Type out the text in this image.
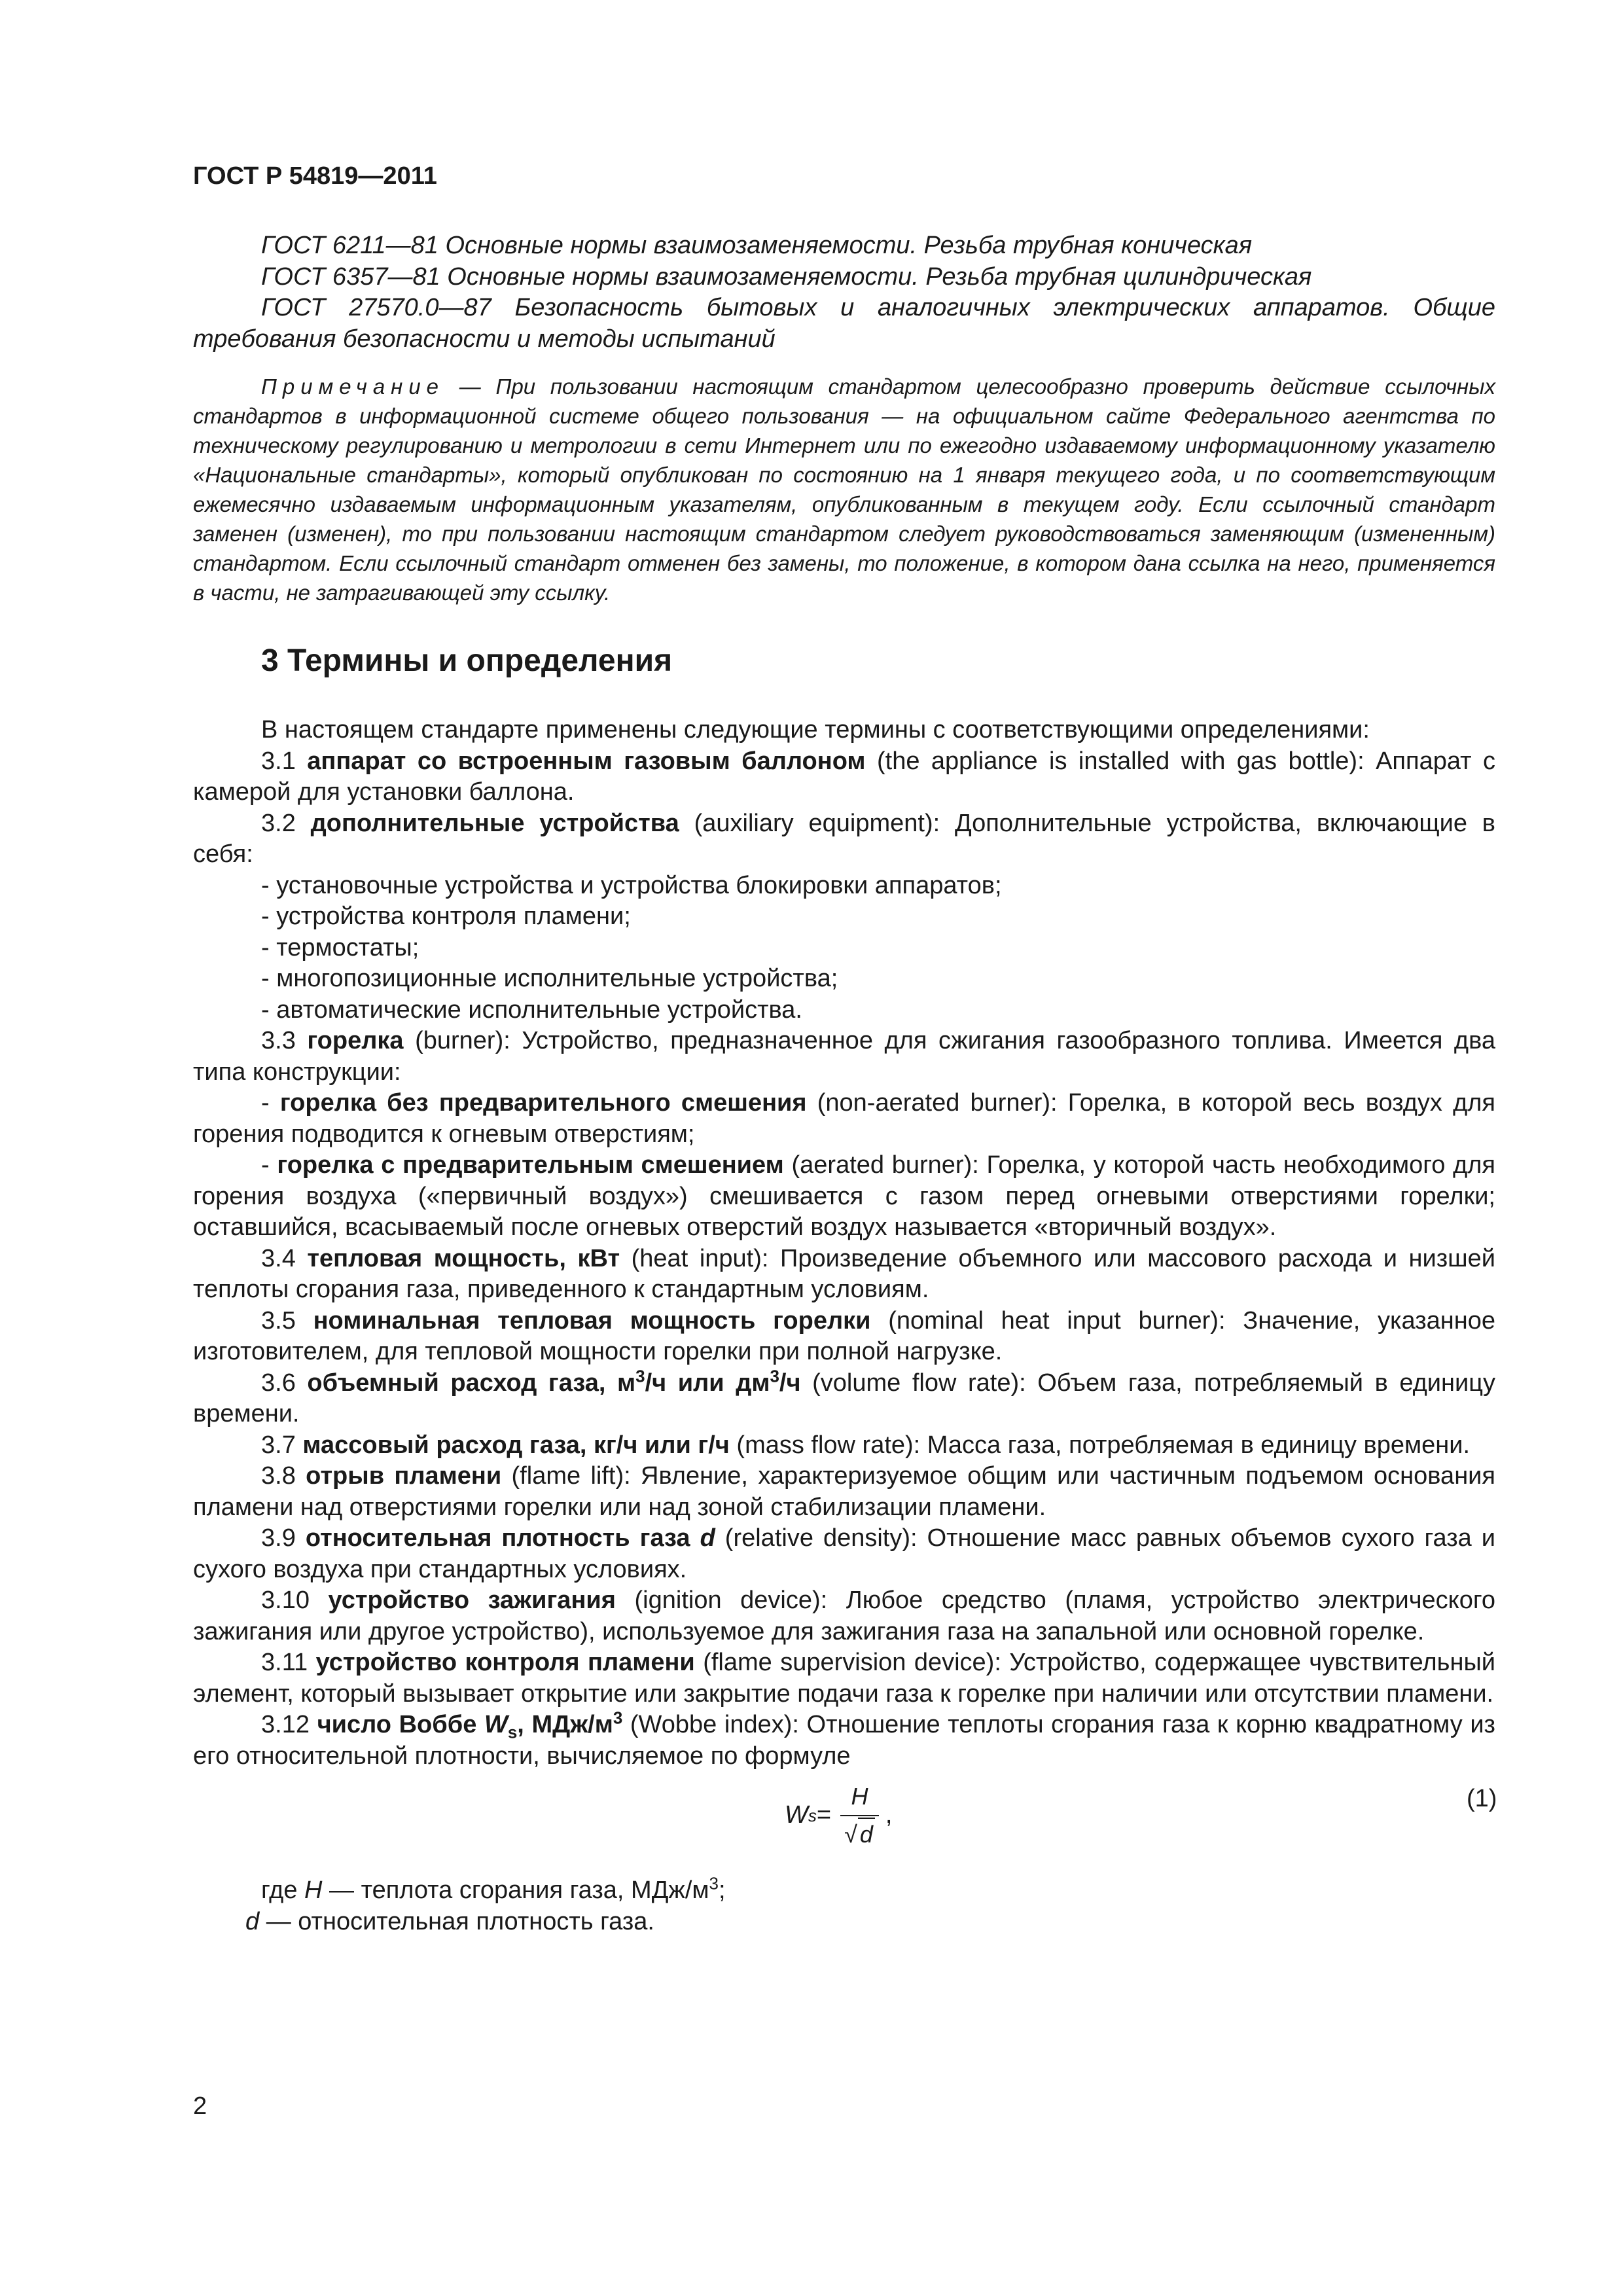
ГОСТ Р 54819—2011

ГОСТ 6211—81 Основные нормы взаимозаменяемости. Резьба трубная коническая

ГОСТ 6357—81 Основные нормы взаимозаменяемости. Резьба трубная цилиндрическая

ГОСТ 27570.0—87 Безопасность бытовых и аналогичных электрических аппаратов. Общие требования безопасности и методы испытаний

Примечание — При пользовании настоящим стандартом целесообразно проверить действие ссылочных стандартов в информационной системе общего пользования — на официальном сайте Федерального агентства по техническому регулированию и метрологии в сети Интернет или по ежегодно издаваемому информационному указателю «Национальные стандарты», который опубликован по состоянию на 1 января текущего года, и по соответствующим ежемесячно издаваемым информационным указателям, опубликованным в текущем году. Если ссылочный стандарт заменен (изменен), то при пользовании настоящим стандартом следует руководствоваться заменяющим (измененным) стандартом. Если ссылочный стандарт отменен без замены, то положение, в котором дана ссылка на него, применяется в части, не затрагивающей эту ссылку.

3 Термины и определения

В настоящем стандарте применены следующие термины с соответствующими определениями:

3.1 аппарат со встроенным газовым баллоном (the appliance is installed with gas bottle): Аппарат с камерой для установки баллона.

3.2 дополнительные устройства (auxiliary equipment): Дополнительные устройства, включающие в себя:

- установочные устройства и устройства блокировки аппаратов;

- устройства контроля пламени;

- термостаты;

- многопозиционные исполнительные устройства;

- автоматические исполнительные устройства.

3.3 горелка (burner): Устройство, предназначенное для сжигания газообразного топлива. Имеется два типа конструкции:

- горелка без предварительного смешения (non-aerated burner): Горелка, в которой весь воздух для горения подводится к огневым отверстиям;

- горелка с предварительным смешением (aerated burner): Горелка, у которой часть необходимого для горения воздуха («первичный воздух») смешивается с газом перед огневыми отверстиями горелки; оставшийся, всасываемый после огневых отверстий воздух называется «вторичный воздух».

3.4 тепловая мощность, кВт (heat input): Произведение объемного или массового расхода и низшей теплоты сгорания газа, приведенного к стандартным условиям.

3.5 номинальная тепловая мощность горелки (nominal heat input burner): Значение, указанное изготовителем, для тепловой мощности горелки при полной нагрузке.

3.6 объемный расход газа, $м^3/ч$ или $дм^3/ч$ (volume flow rate): Объем газа, потребляемый в единицу времени.

3.7 массовый расход газа, кг/ч или г/ч (mass flow rate): Масса газа, потребляемая в единицу времени.

3.8 отрыв пламени (flame lift): Явление, характеризуемое общим или частичным подъемом основания пламени над отверстиями горелки или над зоной стабилизации пламени.

3.9 относительная плотность газа d (relative density): Отношение масс равных объемов сухого газа и сухого воздуха при стандартных условиях.

3.10 устройство зажигания (ignition device): Любое средство (пламя, устройство электрического зажигания или другое устройство), используемое для зажигания газа на запальной или основной горелке.

3.11 устройство контроля пламени (flame supervision device): Устройство, содержащее чувствительный элемент, который вызывает открытие или закрытие подачи газа к горелке при наличии или отсутствии пламени.

3.12 число Воббе $W_s$, МДж/$м^3$ (Wobbe index): Отношение теплоты сгорания газа к корню квадратному из его относительной плотности, вычисляемое по формуле

W $s = \frac{H}{√ d}$ ,
(1)

где H — теплота сгорания газа, МДж/$м^3$;

d — относительная плотность газа.

2
